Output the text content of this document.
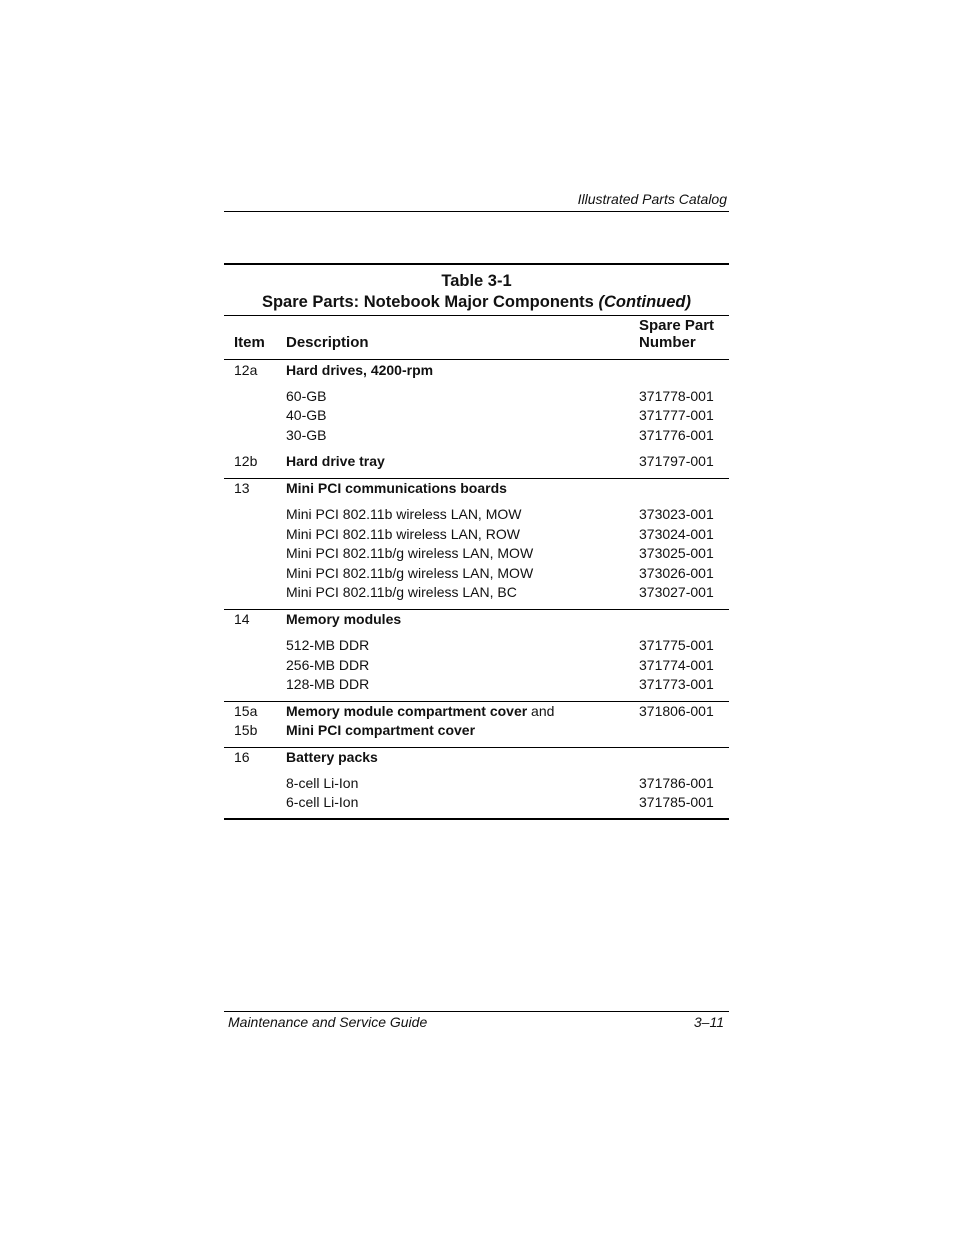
Illustrated Parts Catalog
Table 3-1
Spare Parts: Notebook Major Components (Continued)
Item Description
Spare Part
Number
12a Hard drives, 4200-rpm
60-GB	371778-001
40-GB	371777-001
30-GB	371776-001
12b Hard drive tray	371797-001
13	Mini PCI communications boards
Mini PCI 802.11b wireless LAN, MOW	373023-001
Mini PCI 802.11b wireless LAN, ROW	373024-001
Mini PCI 802.11b/g wireless LAN, MOW	373025-001
Mini PCI 802.11b/g wireless LAN, MOW	373026-001
Mini PCI 802.11b/g wireless LAN, BC	373027-001
14	Memory modules
512-MB DDR	371775-001
256-MB DDR	371774-001
128-MB DDR	371773-001
15a Memory module compartment cover and	371806-001
15b Mini PCI compartment cover
16	Battery packs
8-cell Li-Ion	371786-001
6-cell Li-Ion	371785-001
Maintenance and Service Guide	3–11
